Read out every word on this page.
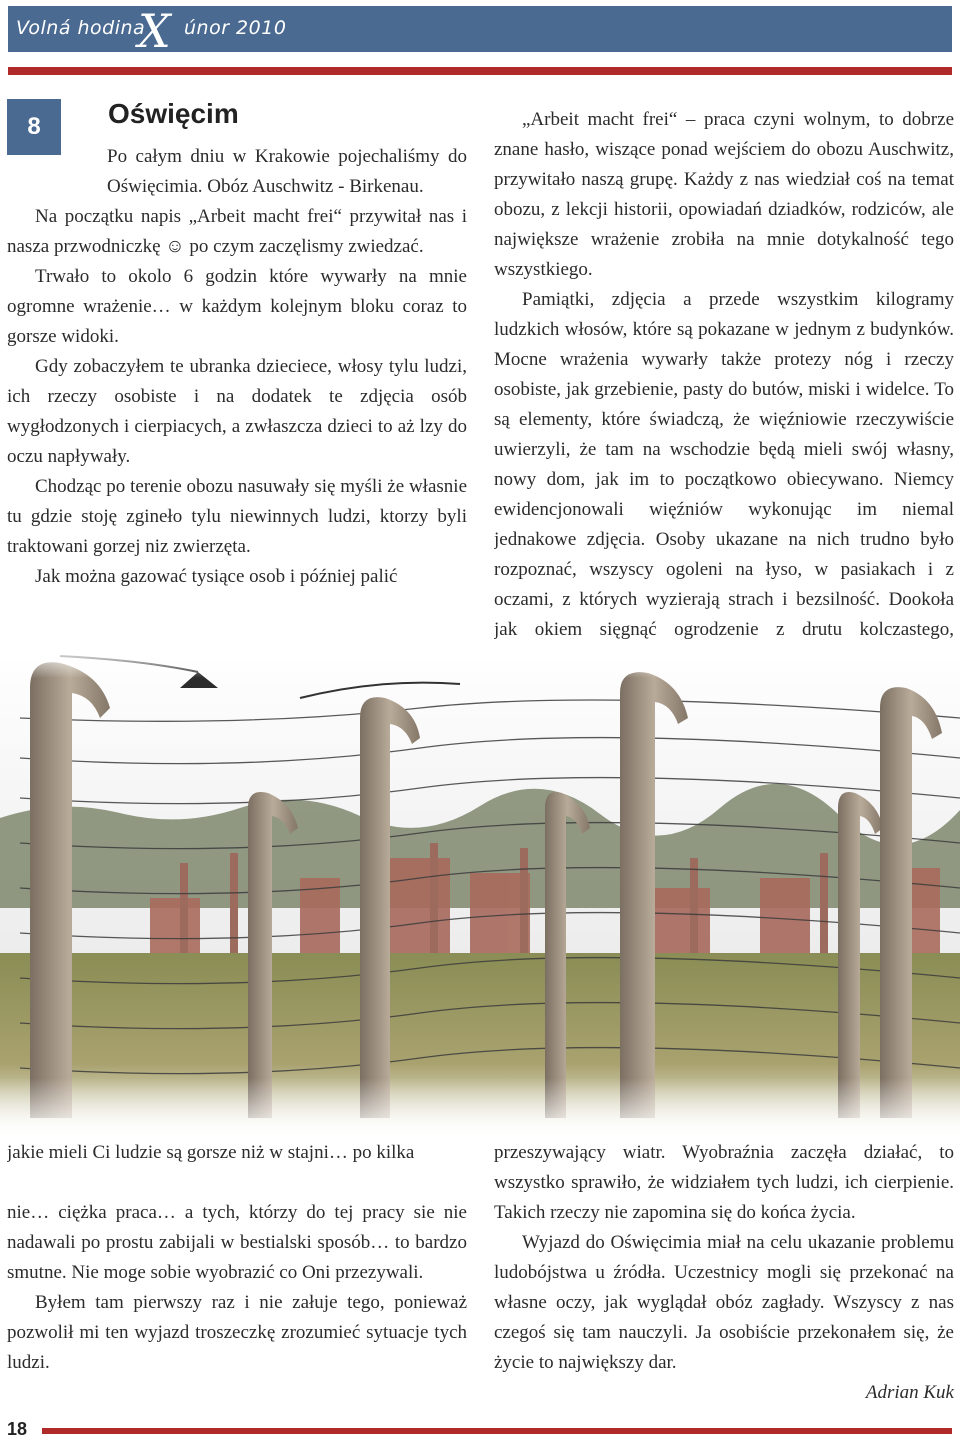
Volná hodina
X únor 2010
8	Oświęcim

Po całym dniu w Krakowie pojechaliśmy do Oświęcimia. Obóz Auschwitz - Birkenau.

Na początku napis „Arbeit macht frei“ przywitał nas i nasza przwodniczkę ☺ po czym zaczęlismy zwiedzać.

Trwało to okolo 6 godzin które wywarły na mnie ogromne wrażenie… w każdym kolejnym bloku coraz to gorsze widoki.

Gdy zobaczyłem te ubranka dzieciece, włosy tylu ludzi, ich rzeczy osobiste i na dodatek te zdjęcia osób wygłodzonych i cierpiacych, a zwłaszcza dzieci to aż lzy do oczu napływały.

Chodząc po terenie obozu nasuwały się myśli że własnie tu gdzie stoję zgineło tylu niewinnych ludzi, ktorzy byli traktowani gorzej niz zwierzęta.

Jak można gazować tysiące osob i później palić

„Arbeit macht frei“ – praca czyni wolnym, to dobrze znane hasło, wiszące ponad wejściem do obozu Auschwitz, przywitało naszą grupę. Każdy z nas wiedział coś na temat obozu, z lekcji historii, opowiadań dziadków, rodziców, ale największe wrażenie zrobiła na mnie dotykalność tego wszystkiego.

Pamiątki, zdjęcia a przede wszystkim kilogramy ludzkich włosów, które są pokazane w jednym z budynków. Mocne wrażenia wywarły także protezy nóg i rzeczy osobiste, jak grzebienie, pasty do butów, miski i widelce. To są elementy, które świadczą, że więźniowie rzeczywiście uwierzyli, że tam na wschodzie będą mieli swój własny, nowy dom, jak im to początkowo obiecywano. Niemcy ewidencjonowali więźniów wykonując im niemal jednakowe zdjęcia. Osoby ukazane na nich trudno było rozpoznać, wszyscy ogoleni na łyso, w pasiakach i z oczami, z których wyzierają strach i bezsilność. Dookoła jak okiem sięgnąć ogrodzenie z drutu kolczastego,

jakie mieli Ci ludzie są gorsze niż w stajni… po kilka

nie… ciężka praca… a tych, którzy do tej pracy sie nie nadawali po prostu zabijali w bestialski sposób… to bardzo smutne. Nie moge sobie wyobrazić co Oni przezywali.

Byłem tam pierwszy raz i nie załuje tego, ponieważ pozwolił mi ten wyjazd troszeczkę zrozumieć sytuacje tych ludzi.

przeszywający wiatr. Wyobraźnia zaczęła działać, to wszystko sprawiło, że widziałem tych ludzi, ich cierpienie. Takich rzeczy nie zapomina się do końca życia.

Wyjazd do Oświęcimia miał na celu ukazanie problemu ludobójstwa u źródła. Uczestnicy mogli się przekonać na własne oczy, jak wyglądał obóz zagłady. Wszyscy z nas czegoś się tam nauczyli. Ja osobiście przekonałem się, że życie to największy dar.

Adrian Kuk

18
